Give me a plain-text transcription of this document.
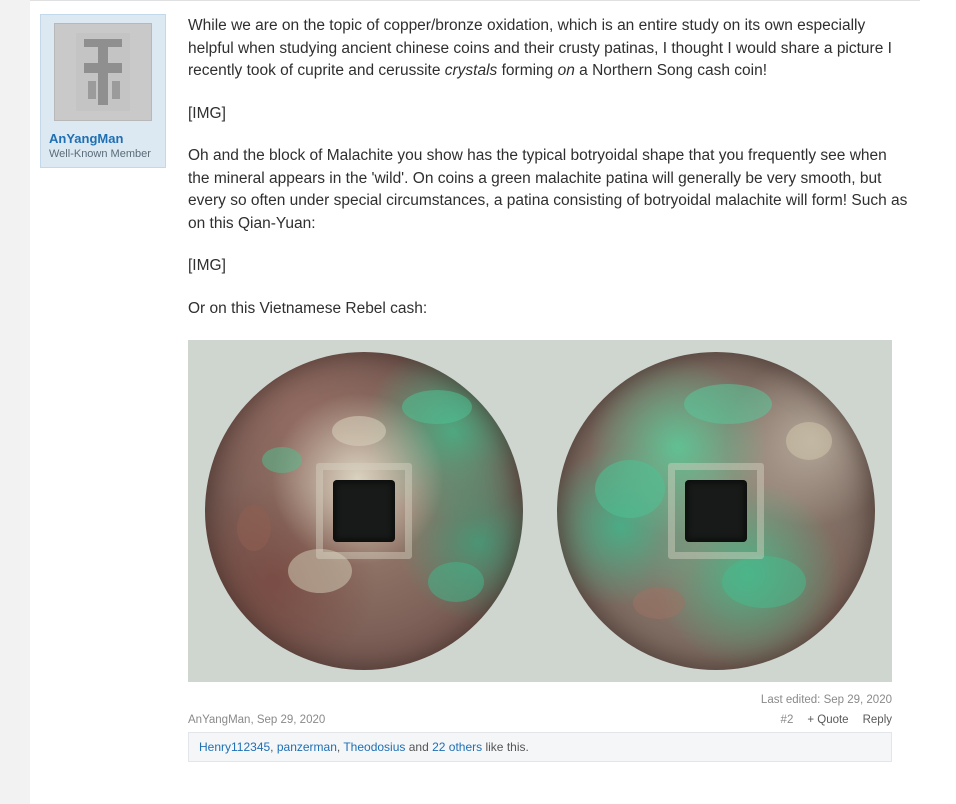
AnYangMan
Well-Known Member

While we are on the topic of copper/bronze oxidation, which is an entire study on its own especially helpful when studying ancient chinese coins and their crusty patinas, I thought I would share a picture I recently took of cuprite and cerussite crystals forming on a Northern Song cash coin!

[IMG]

Oh and the block of Malachite you show has the typical botryoidal shape that you frequently see when the mineral appears in the 'wild'. On coins a green malachite patina will generally be very smooth, but every so often under special circumstances, a patina consisting of botryoidal malachite will form! Such as on this Qian-Yuan:

[IMG]

Or on this Vietnamese Rebel cash:

Last edited: Sep 29, 2020
AnYangMan, Sep 29, 2020	#2 + Quote Reply
Henry112345, panzerman, Theodosius and 22 others like this.
